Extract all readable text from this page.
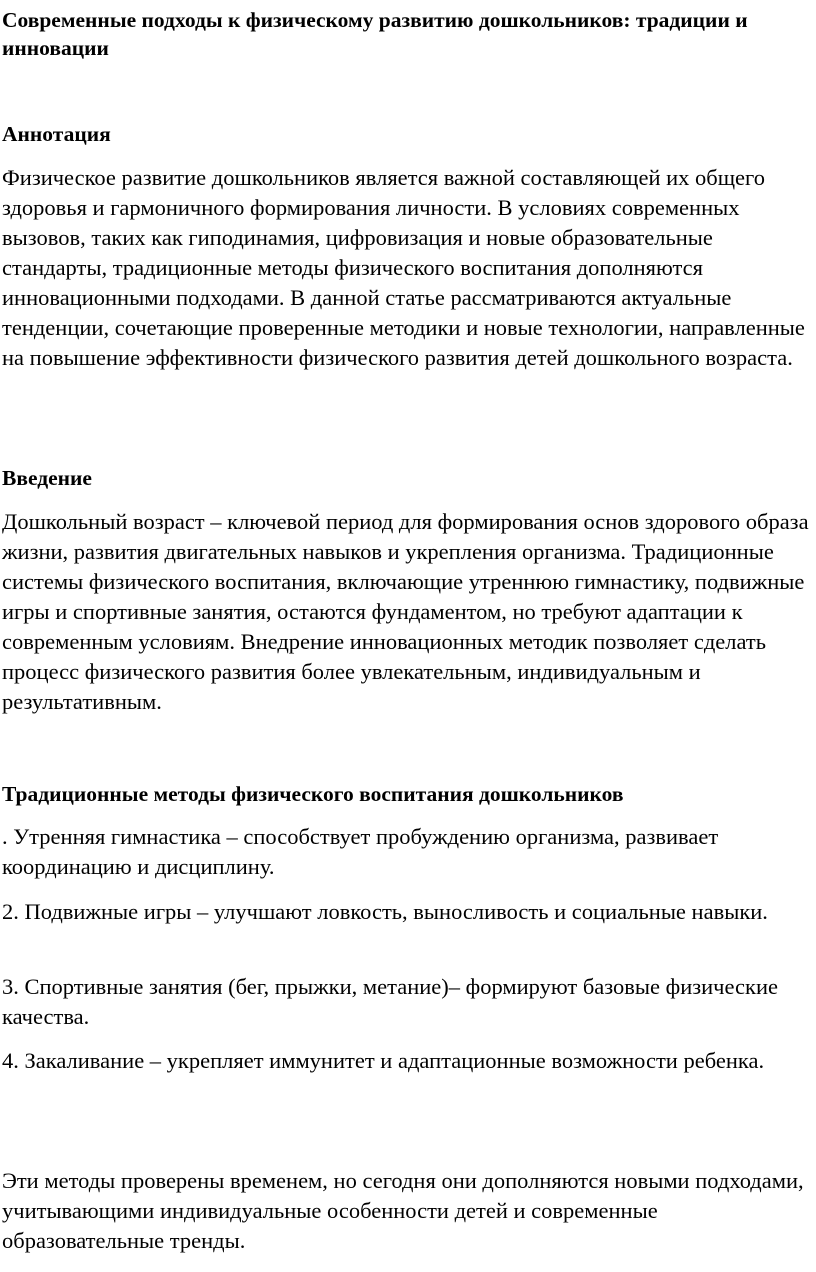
Современные подходы к физическому развитию дошкольников: традиции и инновации
Аннотация

Физическое развитие дошкольников является важной составляющей их общего здоровья и гармоничного формирования личности. В условиях современных вызовов, таких как гиподинамия, цифровизация и новые образовательные стандарты, традиционные методы физического воспитания дополняются инновационными подходами. В данной статье рассматриваются актуальные тенденции, сочетающие проверенные методики и новые технологии, направленные на повышение эффективности физического развития детей дошкольного возраста.

Введение

Дошкольный возраст – ключевой период для формирования основ здорового образа жизни, развития двигательных навыков и укрепления организма. Традиционные системы физического воспитания, включающие утреннюю гимнастику, подвижные игры и спортивные занятия, остаются фундаментом, но требуют адаптации к современным условиям. Внедрение инновационных методик позволяет сделать процесс физического развития более увлекательным, индивидуальным и результативным.

Традиционные методы физического воспитания дошкольников

. Утренняя гимнастика – способствует пробуждению организма, развивает координацию и дисциплину.

2. Подвижные игры – улучшают ловкость, выносливость и социальные навыки.

3. Спортивные занятия (бег, прыжки, метание)– формируют базовые физические качества.

4. Закаливание – укрепляет иммунитет и адаптационные возможности ребенка.

Эти методы проверены временем, но сегодня они дополняются новыми подходами, учитывающими индивидуальные особенности детей и современные образовательные тренды.
